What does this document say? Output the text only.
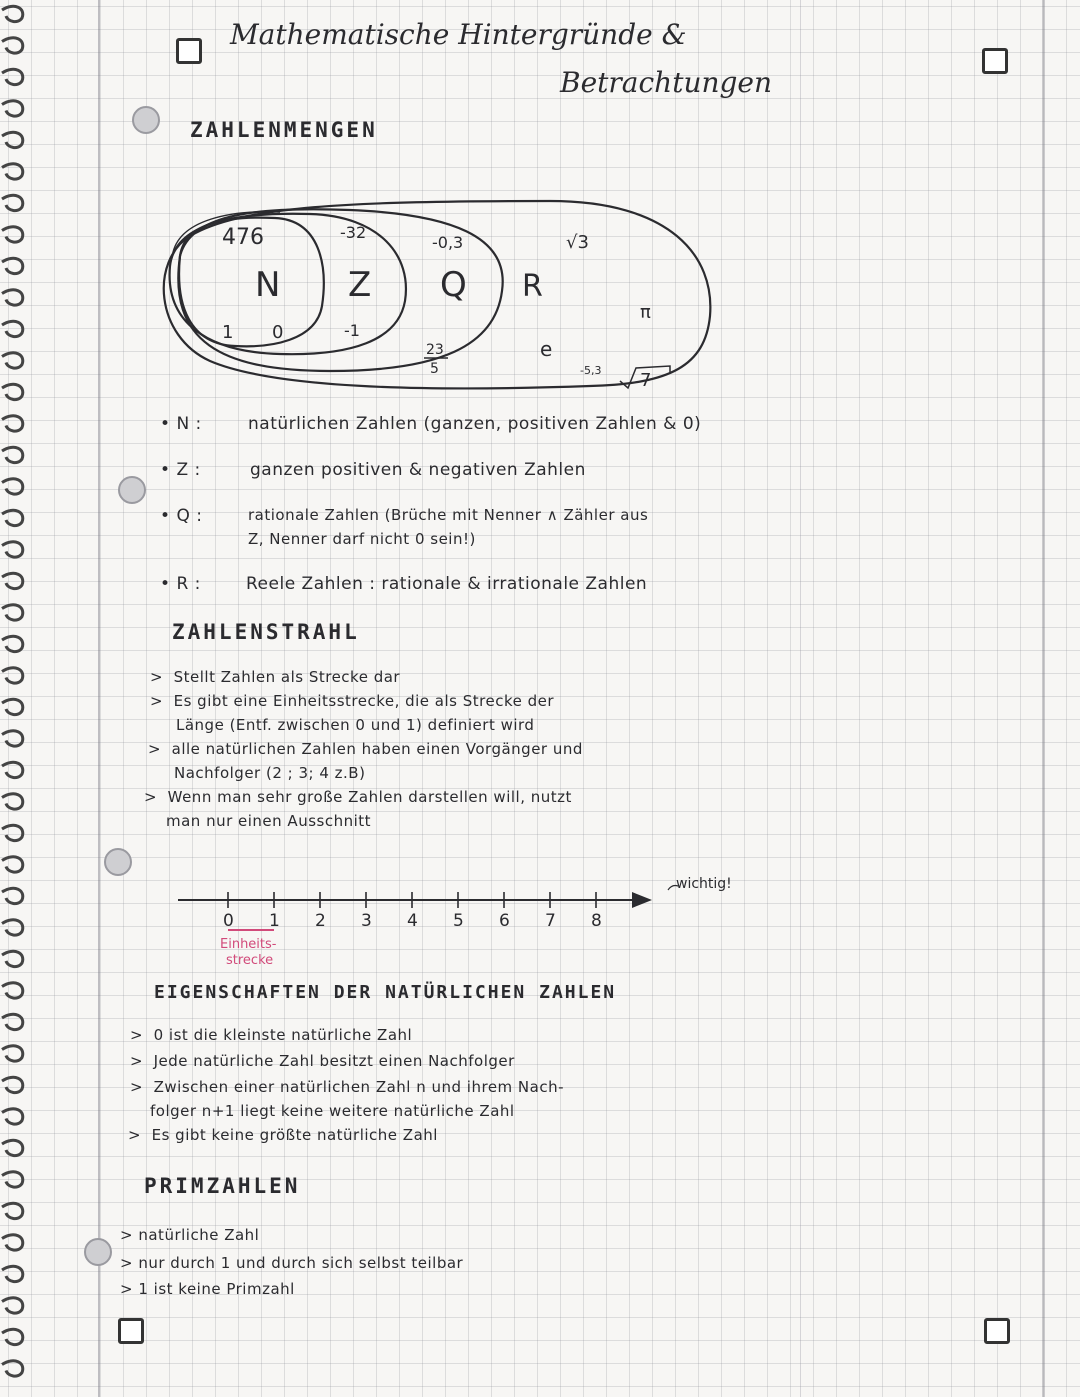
Mathematische Hintergründe &
Betrachtungen
ZAHLENMENGEN
N Z Q R
476
1 0
-32
-1
-0,3
23
5
√3
π
e
-5,3 7
• N :	natürlichen Zahlen (ganzen, positiven Zahlen & 0)
• Z :	ganzen positiven & negativen Zahlen
• Q :	rationale Zahlen (Brüche mit Nenner ∧ Zähler aus
Z, Nenner darf nicht 0 sein!)
• R :	Reele Zahlen : rationale & irrationale Zahlen
ZAHLENSTRAHL
> Stellt Zahlen als Strecke dar
> Es gibt eine Einheitsstrecke, die als Strecke der
Länge (Entf. zwischen 0 und 1) definiert wird
> alle natürlichen Zahlen haben einen Vorgänger und
Nachfolger (2 ; 3; 4 z.B)
> Wenn man sehr große Zahlen darstellen will, nutzt
man nur einen Ausschnitt
0 1 2 3 4 5 6 7 8
wichtig!
Einheits-
strecke
EIGENSCHAFTEN DER NATÜRLICHEN ZAHLEN
> 0 ist die kleinste natürliche Zahl
> Jede natürliche Zahl besitzt einen Nachfolger
> Zwischen einer natürlichen Zahl n und ihrem Nach-
folger n+1 liegt keine weitere natürliche Zahl
> Es gibt keine größte natürliche Zahl
PRIMZAHLEN
> natürliche Zahl
> nur durch 1 und durch sich selbst teilbar
> 1 ist keine Primzahl
